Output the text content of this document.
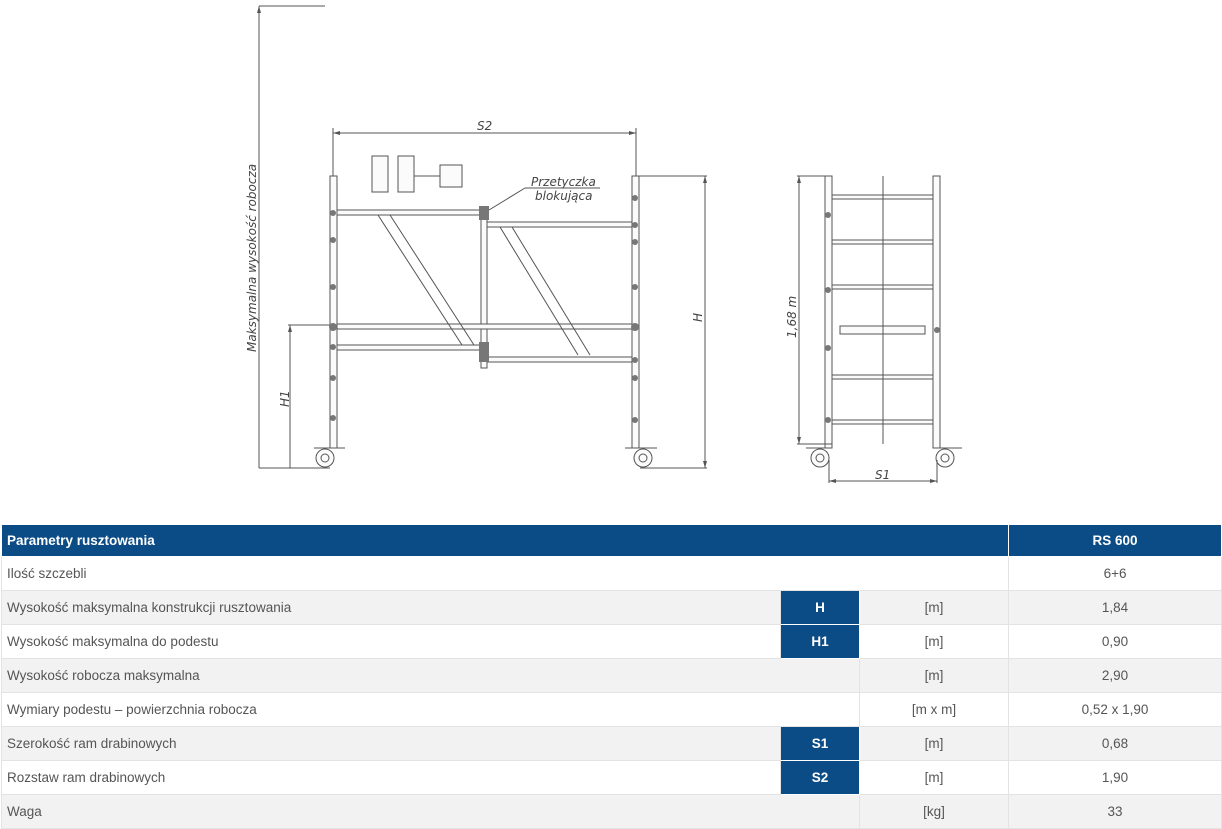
Maksymalna wysokość robocza
S2
H
H1
Przetyczka
blokująca
1,68 m
S1
Parametry rusztowania			RS 600
Ilość szczebli			6+6
Wysokość maksymalna konstrukcji rusztowania	H	[m]	1,84
Wysokość maksymalna do podestu	H1	[m]	0,90
Wysokość robocza maksymalna		[m]	2,90
Wymiary podestu – powierzchnia robocza		[m x m]	0,52 x 1,90
Szerokość ram drabinowych	S1	[m]	0,68
Rozstaw ram drabinowych	S2	[m]	1,90
Waga		[kg]	33
